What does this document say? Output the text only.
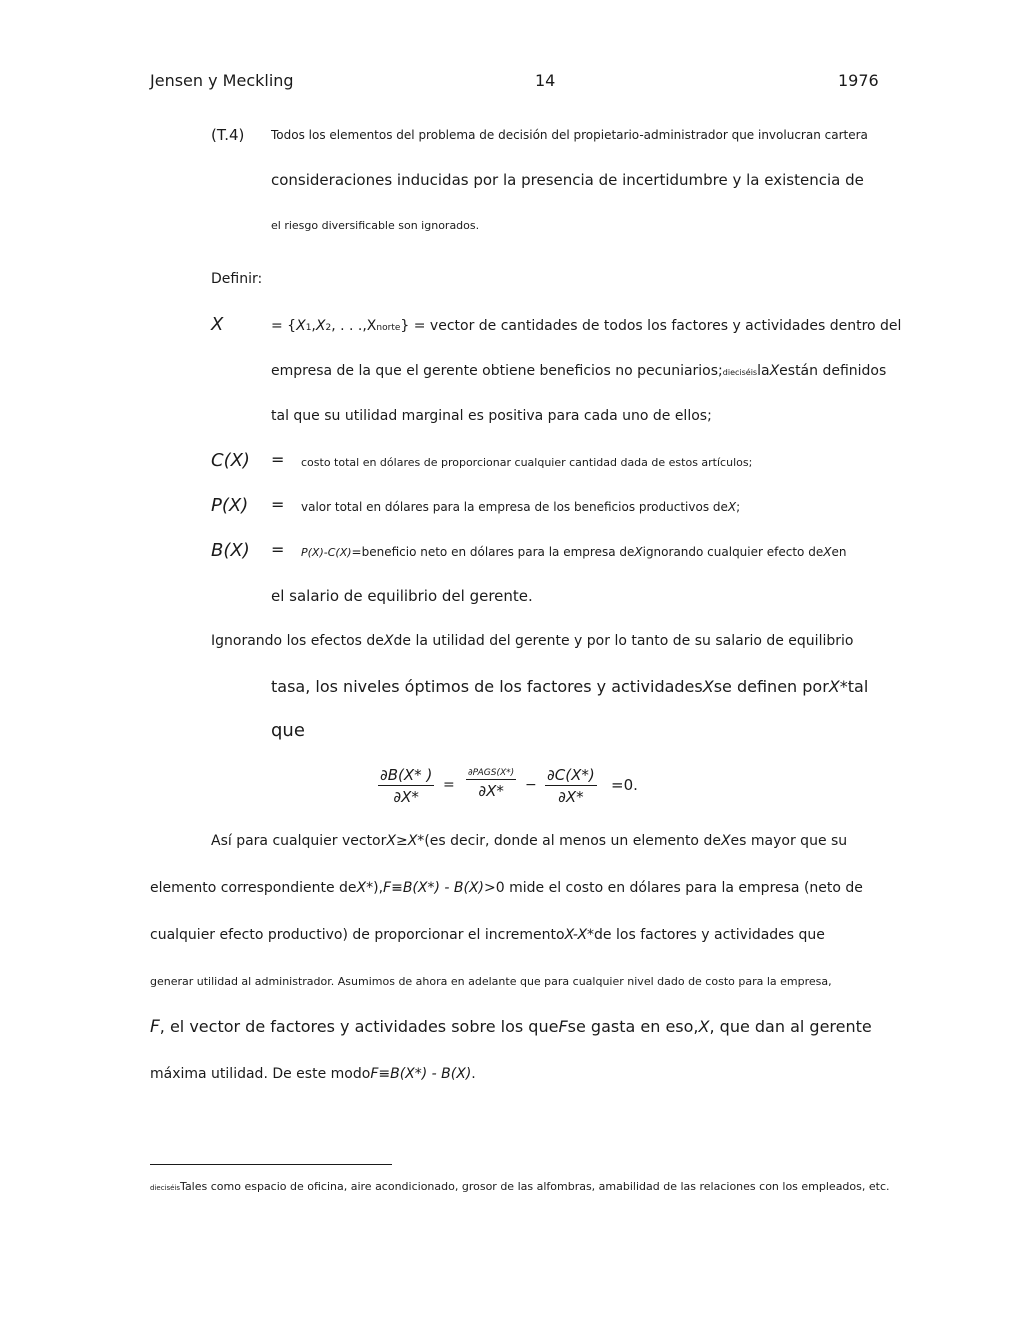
Jensen y Meckling	14	1976
(T.4) Todos los elementos del problema de decisión del propietario-administrador que involucran cartera
consideraciones inducidas por la presencia de incertidumbre y la existencia de
el riesgo diversificable son ignorados.
Definir:
X	= {X1,X2, . . .,Xnorte} = vector de cantidades de todos los factores y actividades dentro del
empresa de la que el gerente obtiene beneficios no pecuniarios;dieciséislaXestán definidos
tal que su utilidad marginal es positiva para cada uno de ellos;
C(X) = costo total en dólares de proporcionar cualquier cantidad dada de estos artículos;
P(X) = valor total en dólares para la empresa de los beneficios productivos deX;
B(X) = P(X)-C(X)=beneficio neto en dólares para la empresa deXignorando cualquier efecto deXen
el salario de equilibrio del gerente.
Ignorando los efectos deXde la utilidad del gerente y por lo tanto de su salario de equilibrio
tasa, los niveles óptimos de los factores y actividadesXse definen porX*tal
que
$\frac{\partial B(X* )}{\partial X*}$ =
∂PAGS(X*)
∂X*	− $\frac{\partial C(X*)}{\partial X*} =0$.
Así para cualquier vectorX≥X*(es decir, donde al menos un elemento deXes mayor que su
elemento correspondiente deX*),F≡B(X*) - B(X)>0 mide el costo en dólares para la empresa (neto de
cualquier efecto productivo) de proporcionar el incrementoX-X*de los factores y actividades que
generar utilidad al administrador. Asumimos de ahora en adelante que para cualquier nivel dado de costo para la empresa,
F, el vector de factores y actividades sobre los queFse gasta en eso,X, que dan al gerente
máxima utilidad. De este modoF≡B(X*) - B(X).
dieciséisTales como espacio de oficina, aire acondicionado, grosor de las alfombras, amabilidad de las relaciones con los empleados, etc.
